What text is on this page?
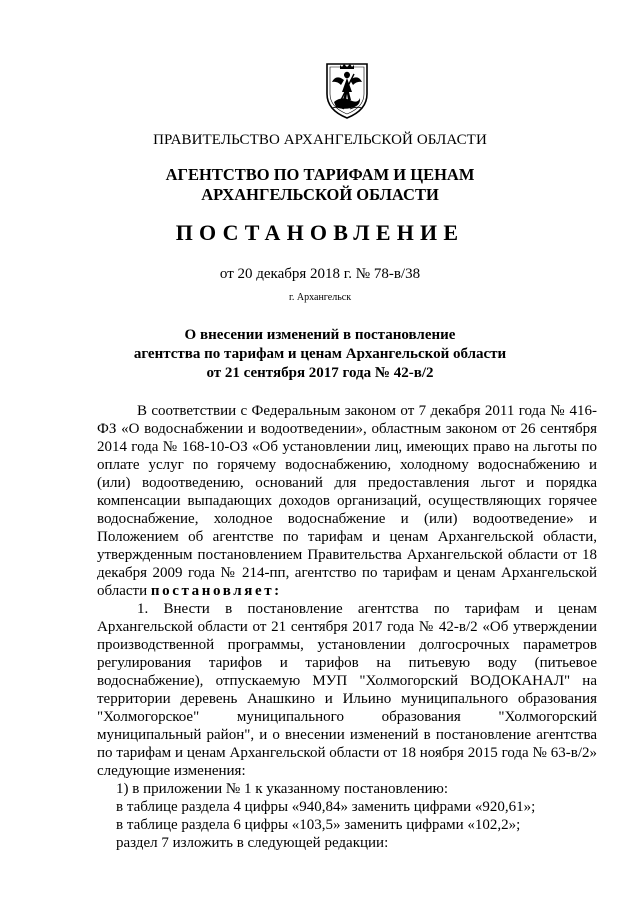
ПРАВИТЕЛЬСТВО АРХАНГЕЛЬСКОЙ ОБЛАСТИ
АГЕНТСТВО ПО ТАРИФАМ И ЦЕНАМ
АРХАНГЕЛЬСКОЙ ОБЛАСТИ
ПОСТАНОВЛЕНИЕ
от 20 декабря 2018 г. № 78-в/38
г. Архангельск
О внесении изменений в постановление
агентства по тарифам и ценам Архангельской области
от 21 сентября 2017 года № 42-в/2

В соответствии с Федеральным законом от 7 декабря 2011 года № 416-ФЗ «О водоснабжении и водоотведении», областным законом от 26 сентября 2014 года № 168-10-ОЗ «Об установлении лиц, имеющих право на льготы по оплате услуг по горячему водоснабжению, холодному водоснабжению и (или) водоотведению, оснований для предоставления льгот и порядка компенсации выпадающих доходов организаций, осуществляющих горячее водоснабжение, холодное водоснабжение и (или) водоотведение» и Положением об агентстве по тарифам и ценам Архангельской области, утвержденным постановлением Правительства Архангельской области от 18 декабря 2009 года № 214-пп, агентство по тарифам и ценам Архангельской области постановляет:

1. Внести в постановление агентства по тарифам и ценам Архангельской области от 21 сентября 2017 года № 42-в/2 «Об утверждении производственной программы, установлении долгосрочных параметров регулирования тарифов и тарифов на питьевую воду (питьевое водоснабжение), отпускаемую МУП "Холмогорский ВОДОКАНАЛ" на территории деревень Анашкино и Ильино муниципального образования "Холмогорское" муниципального образования "Холмогорский муниципальный район", и о внесении изменений в постановление агентства по тарифам и ценам Архангельской области от 18 ноября 2015 года № 63-в/2» следующие изменения:

1) в приложении № 1 к указанному постановлению:

в таблице раздела 4 цифры «940,84» заменить цифрами «920,61»;

в таблице раздела 6 цифры «103,5» заменить цифрами «102,2»;

раздел 7 изложить в следующей редакции:
